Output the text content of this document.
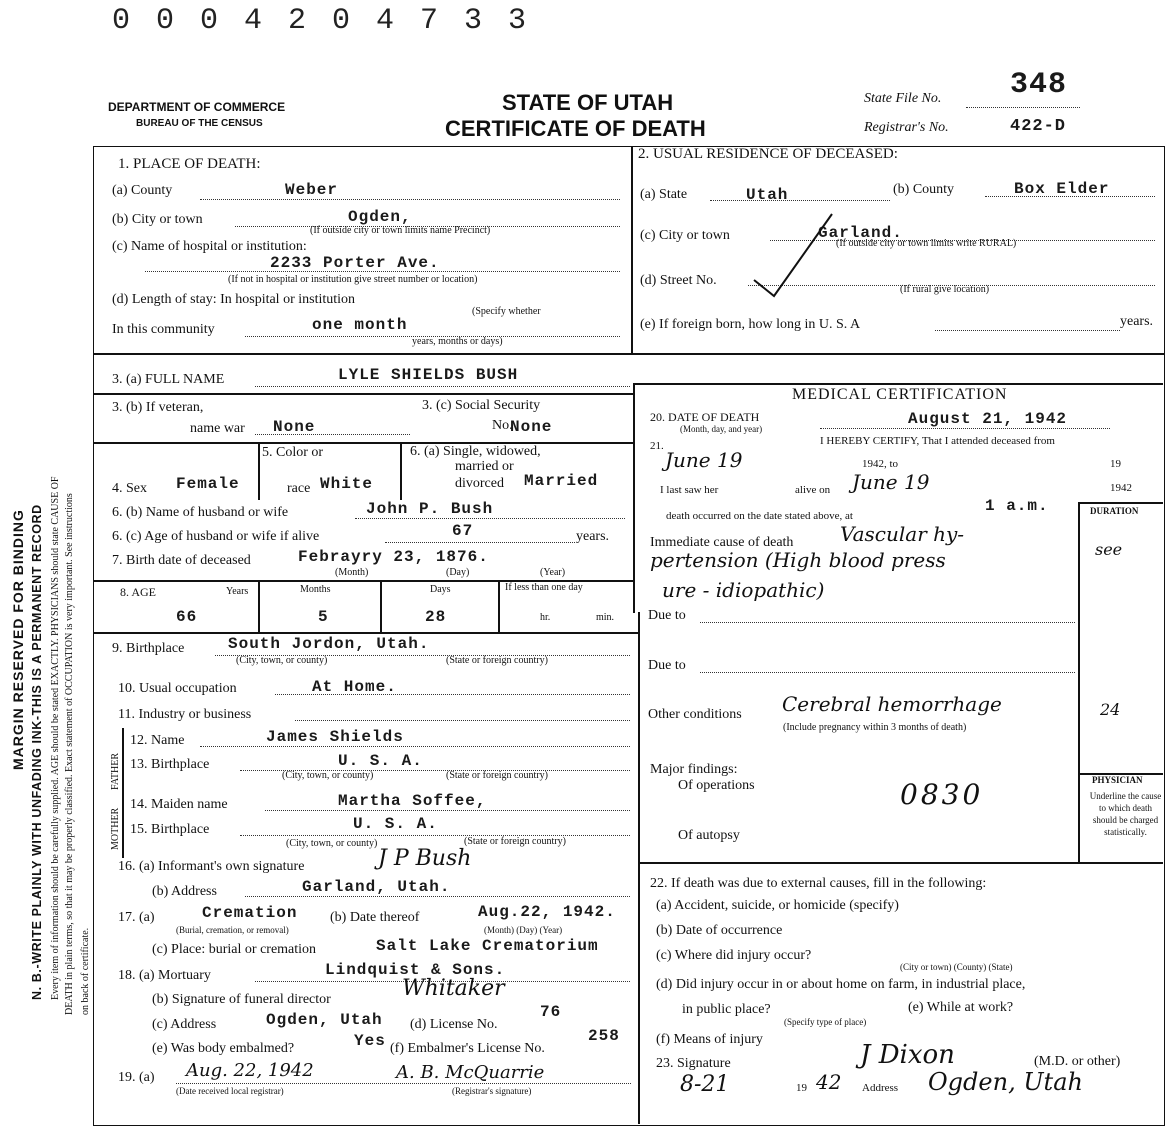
MARGIN RESERVED FOR BINDING N. B.-WRITE PLAINLY WITH UNFADING INK-THIS IS A PERMANENT RECORD Every item of information should be carefully supplied. AGE should be stated EXACTLY. PHYSICIANS should state CAUSE OF DEATH in plain terms, so that it may be properly classified. Exact statement of OCCUPATION is very important. See instructions on back of certificate.
0 0 0 4 2 0 4 7 3 3
DEPARTMENT OF COMMERCE
BUREAU OF THE CENSUS
STATE OF UTAH
CERTIFICATE OF DEATH
State File No. 348
Registrar's No.	422-D
1. PLACE OF DEATH:
(a) County	Weber
(b) City or town	Ogden,
(If outside city or town limits name Precinct)
(c) Name of hospital or institution:
2233 Porter Ave.
(If not in hospital or institution give street number or location)
(d) Length of stay: In hospital or institution
(Specify whether
In this community	one month
years, months or days)
2. USUAL RESIDENCE OF DECEASED:
(a) State	Utah	(b) County	Box Elder
(c) City or town	Garland.
(If outside city or town limits write RURAL)
(d) Street No.
(If rural give location)
(e) If foreign born, how long in U. S. A	years.
3. (a) FULL NAME	LYLE SHIELDS BUSH
3. (b) If veteran,
name war None
3. (c) Social Security
No.
None
5. Color or	6. (a) Single, widowed,
married or
divorced
4. Sex Female	race White	Married
6. (b) Name of husband or wife	John P. Bush
6. (c) Age of husband or wife if alive	67	years.
7. Birth date of deceased	Febrayry 23, 1876.
(Month)	(Day)	(Year)
8. AGE	Years	Months	Days	If less than one day
66	5	28	hr.	min.
9. Birthplace	South Jordon, Utah.
(City, town, or county)	(State or foreign country)
10. Usual occupation	At Home.
11. Industry or business
FATHER
MOTHER
12. Name	James Shields
13. Birthplace	U. S. A.
(City, town, or county)	(State or foreign country)
14. Maiden name	Martha Soffee,
15. Birthplace	U. S. A.
(City, town, or county)	(State or foreign country)
16. (a) Informant's own signature	J P Bush
(b) Address	Garland, Utah.
17. (a)	Cremation
(Burial, cremation, or removal)
(b) Date thereof	Aug.22, 1942.
(Month) (Day) (Year)
(c) Place: burial or cremation	Salt Lake Crematorium
18. (a) Mortuary	Lindquist & Sons.
(b) Signature of funeral director	Whitaker
(c) Address	Ogden, Utah (d) License No.
76
(e) Was body embalmed?	Yes (f) Embalmer's License No.
258
19. (a) Aug. 22, 1942	A. B. McQuarrie
(Date received local registrar)	(Registrar's signature)
MEDICAL CERTIFICATION
20. DATE OF DEATH
(Month, day, and year)
August 21, 1942
I HEREBY CERTIFY, That I attended deceased from
21.
June 19	1942, to	19
I last saw her	alive on June 19	1942
death occurred on the date stated above, at
1 a.m.	DURATION
Immediate cause of death Vascular hy-
pertension (High blood press
ure - idiopathic)
see
Due to
Due to
Other conditions Cerebral hemorrhage	24
(Include pregnancy within 3 months of death)
Major findings:
Of operations	0830
Of autopsy
PHYSICIAN
Underline the cause to which death should be charged statistically.
22. If death was due to external causes, fill in the following:
(a) Accident, suicide, or homicide (specify)
(b) Date of occurrence
(c) Where did injury occur?
(City or town) (County) (State)
(d) Did injury occur in or about home on farm, in industrial place,
in public place?	(e) While at work?
(Specify type of place)
(f) Means of injury
23. Signature	J Dixon	(M.D. or other)
8-21	19 42 Address Ogden, Utah
